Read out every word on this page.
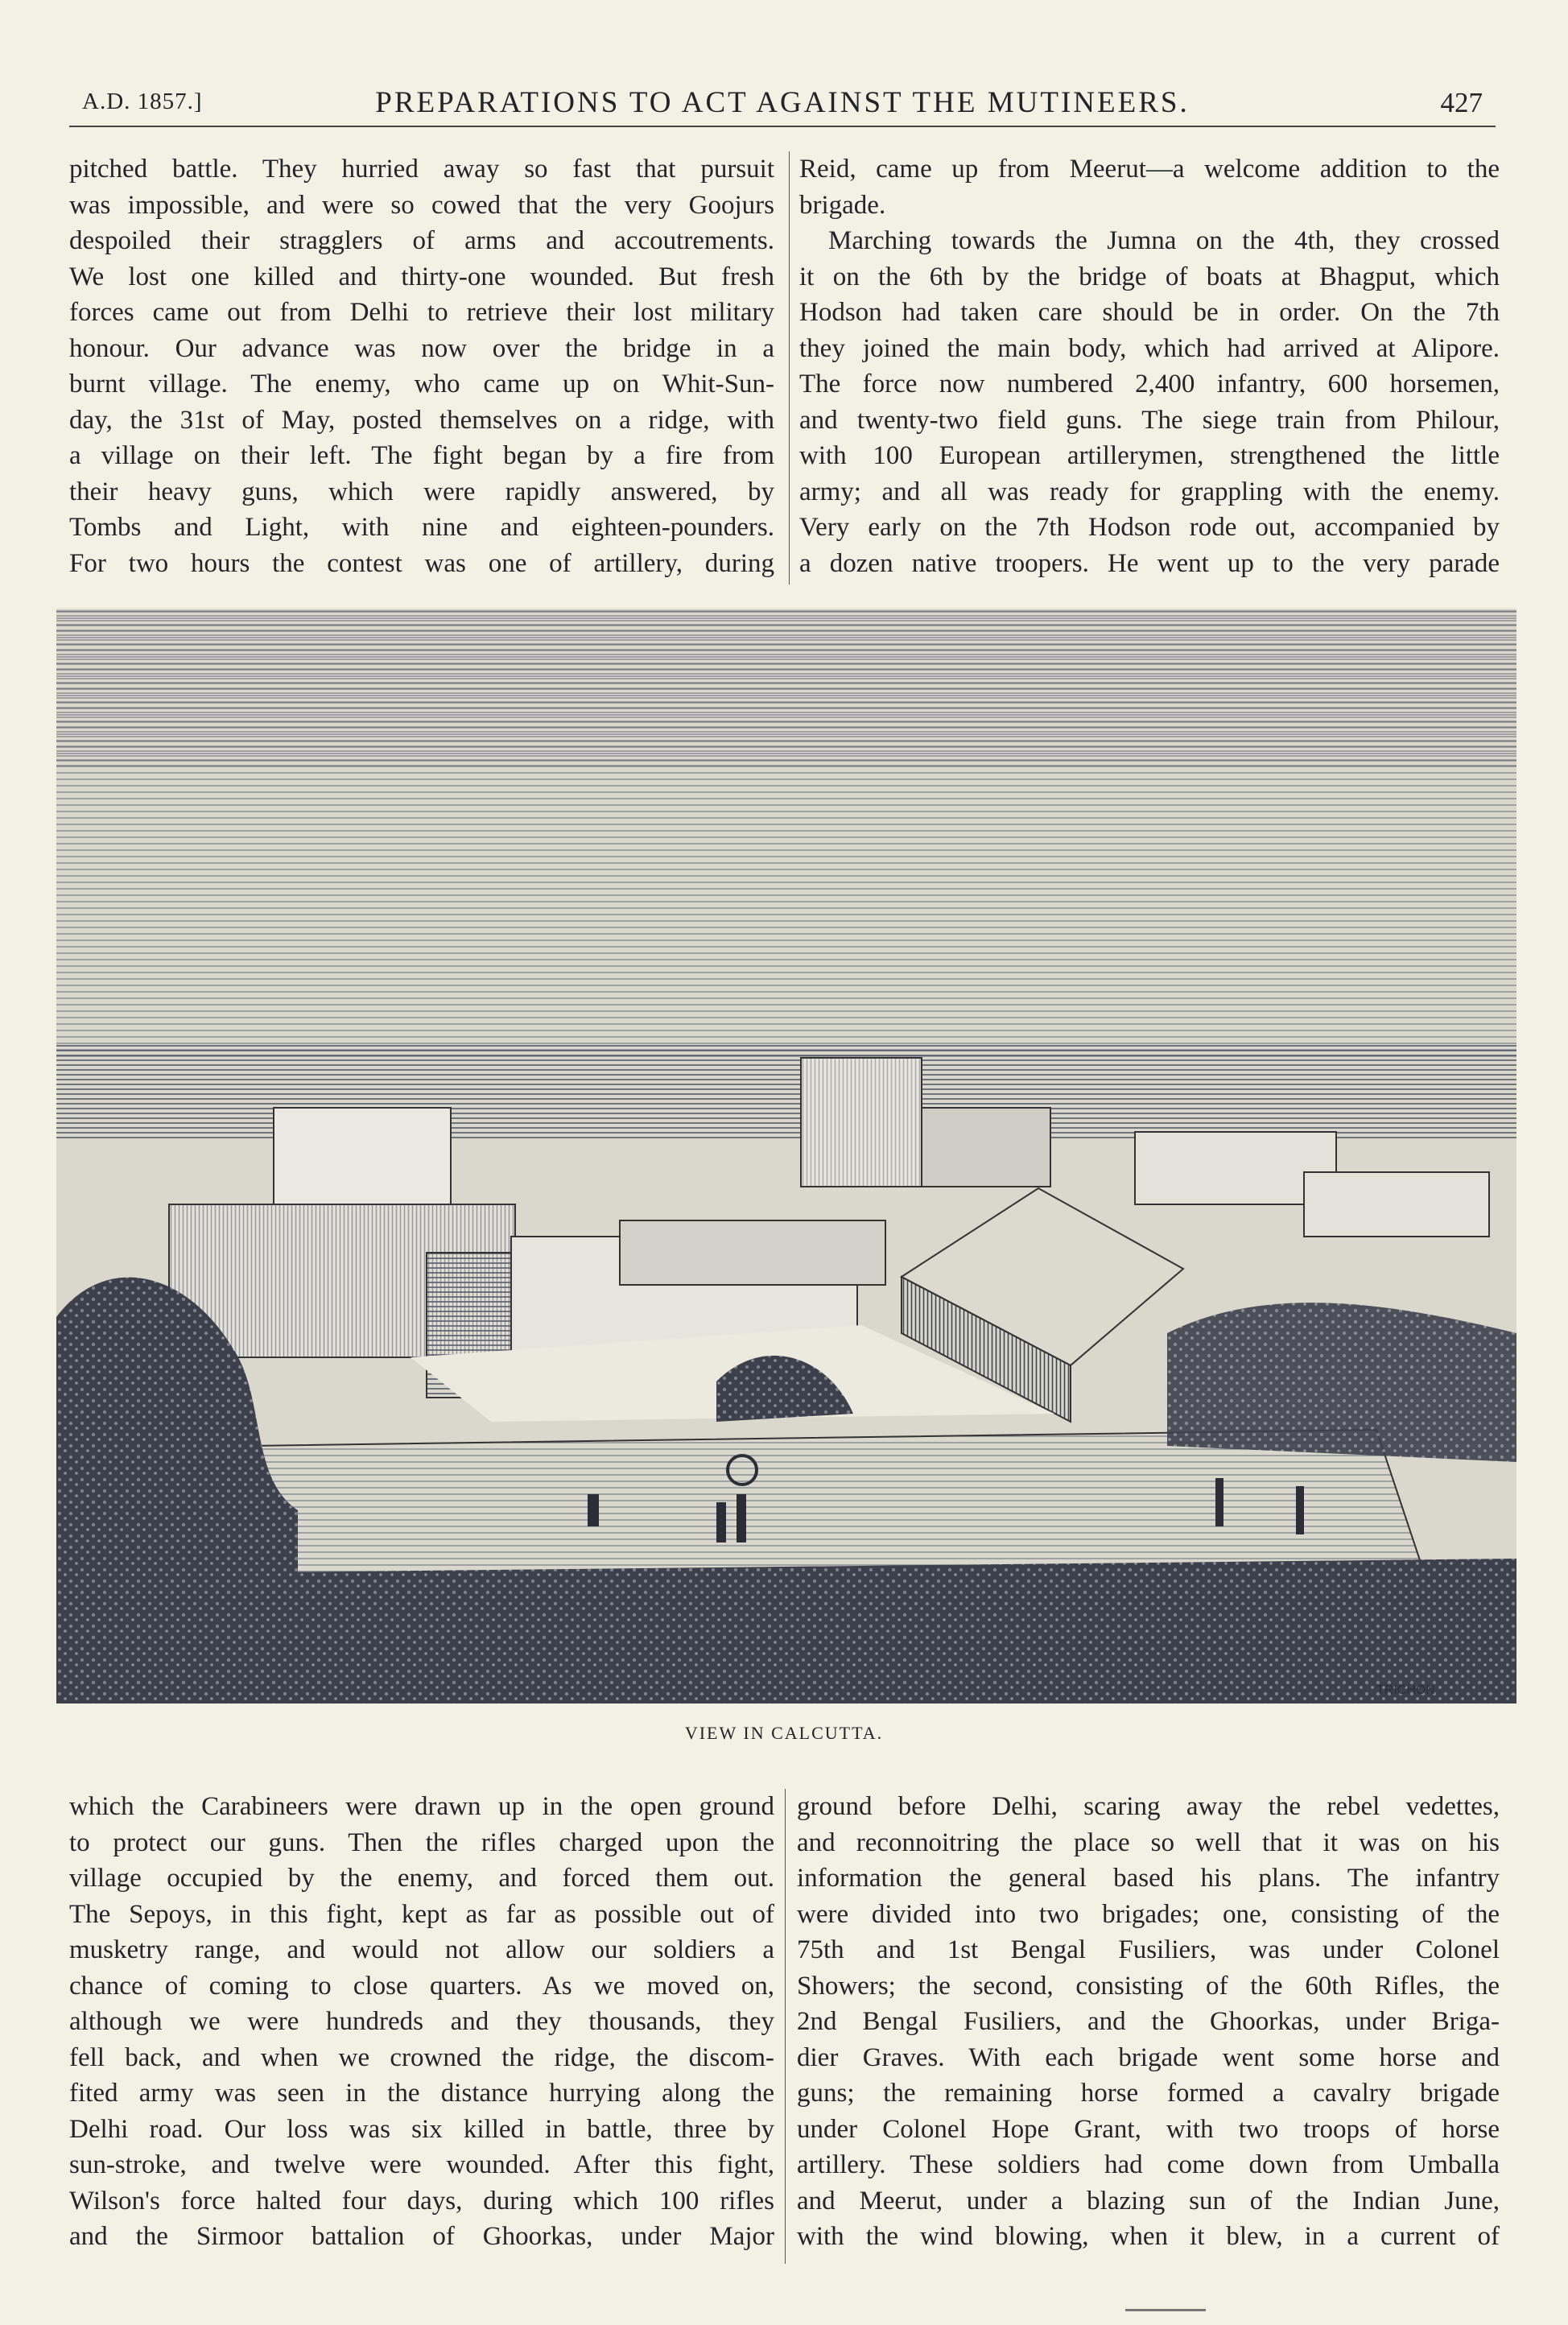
A.D. 1857.]	PREPARATIONS TO ACT AGAINST THE MUTINEERS.	427

pitched battle. They hurried away so fast that pursuit

was impossible, and were so cowed that the very Goojurs

despoiled their stragglers of arms and accoutrements.

We lost one killed and thirty-one wounded. But fresh

forces came out from Delhi to retrieve their lost military

honour. Our advance was now over the bridge in a

burnt village. The enemy, who came up on Whit-Sun-

day, the 31st of May, posted themselves on a ridge, with

a village on their left. The fight began by a fire from

their heavy guns, which were rapidly answered, by

Tombs and Light, with nine and eighteen-pounders.

For two hours the contest was one of artillery, during

Reid, came up from Meerut—a welcome addition to the

brigade.

Marching towards the Jumna on the 4th, they crossed

it on the 6th by the bridge of boats at Bhagput, which

Hodson had taken care should be in order. On the 7th

they joined the main body, which had arrived at Alipore.

The force now numbered 2,400 infantry, 600 horsemen,

and twenty-two field guns. The siege train from Philour,

with 100 European artillerymen, strengthened the little

army; and all was ready for grappling with the enemy.

Very early on the 7th Hodson rode out, accompanied by

a dozen native troopers. He went up to the very parade

TRICHON
VIEW IN CALCUTTA.

which the Carabineers were drawn up in the open ground

to protect our guns. Then the rifles charged upon the

village occupied by the enemy, and forced them out.

The Sepoys, in this fight, kept as far as possible out of

musketry range, and would not allow our soldiers a

chance of coming to close quarters. As we moved on,

although we were hundreds and they thousands, they

fell back, and when we crowned the ridge, the discom-

fited army was seen in the distance hurrying along the

Delhi road. Our loss was six killed in battle, three by

sun-stroke, and twelve were wounded. After this fight,

Wilson's force halted four days, during which 100 rifles

and the Sirmoor battalion of Ghoorkas, under Major

ground before Delhi, scaring away the rebel vedettes,

and reconnoitring the place so well that it was on his

information the general based his plans. The infantry

were divided into two brigades; one, consisting of the

75th and 1st Bengal Fusiliers, was under Colonel

Showers; the second, consisting of the 60th Rifles, the

2nd Bengal Fusiliers, and the Ghoorkas, under Briga-

dier Graves. With each brigade went some horse and

guns; the remaining horse formed a cavalry brigade

under Colonel Hope Grant, with two troops of horse

artillery. These soldiers had come down from Umballa

and Meerut, under a blazing sun of the Indian June,

with the wind blowing, when it blew, in a current of
